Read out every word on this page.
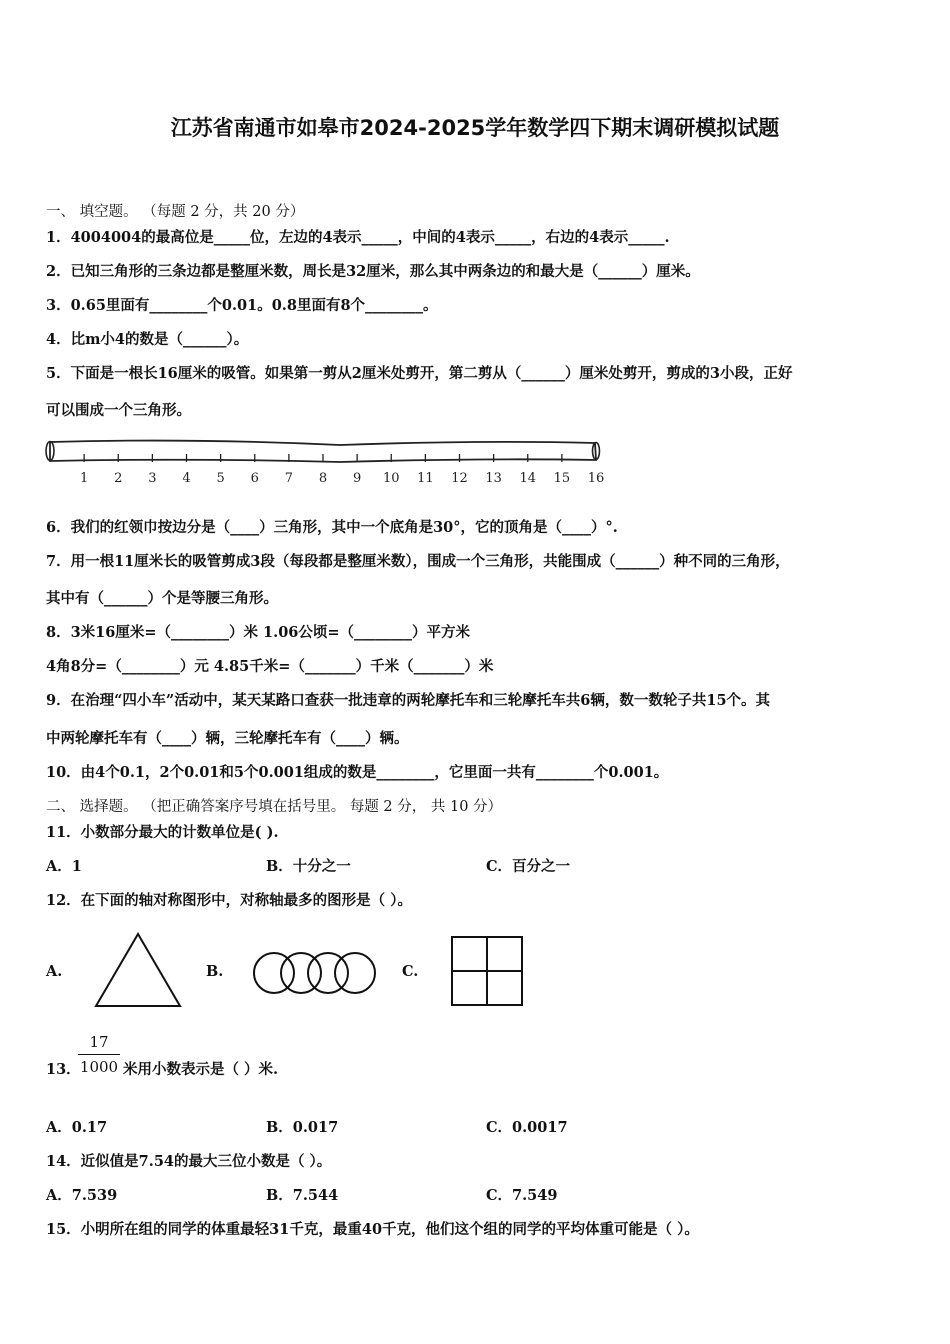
江苏省南通市如皋市2024-2025学年数学四下期末调研模拟试题
一、 填空题。 （每题 2 分，共 20 分）
1．4004004的最高位是_____位，左边的4表示_____，中间的4表示_____，右边的4表示_____.
2．已知三角形的三条边都是整厘米数，周长是32厘米，那么其中两条边的和最大是（______）厘米。
3．0.65里面有________个0.01。0.8里面有8个________。
4．比m小4的数是（______）。
5．下面是一根长16厘米的吸管。如果第一剪从2厘米处剪开，第二剪从（______）厘米处剪开，剪成的3小段，正好
可以围成一个三角形。
1 2 3 4 5 6 7 8 9 10 11 12 13 14 15 16
6．我们的红领巾按边分是（____）三角形，其中一个底角是30°，它的顶角是（____）°.
7．用一根11厘米长的吸管剪成3段（每段都是整厘米数），围成一个三角形，共能围成（______）种不同的三角形，
其中有（______）个是等腰三角形。
8．3米16厘米=（________）米 1.06公顷=（________）平方米
4角8分=（________）元 4.85千米=（_______）千米（_______）米
9．在治理“四小车”活动中，某天某路口查获一批违章的两轮摩托车和三轮摩托车共6辆，数一数轮子共15个。其
中两轮摩托车有（____）辆，三轮摩托车有（____）辆。
10．由4个0.1，2个0.01和5个0.001组成的数是________，它里面一共有________个0.001。
二、 选择题。 （把正确答案序号填在括号里。 每题 2 分， 共 10 分）
11．小数部分最大的计数单位是( ).
A．1	B．十分之一	C．百分之一
12．在下面的轴对称图形中，对称轴最多的图形是（ ）。
A.	B.	C.
17
1000
13．	米用小数表示是（ ）米.
A．0.17	B．0.017	C．0.0017
14．近似值是7.54的最大三位小数是（ ）。
A．7.539	B．7.544	C．7.549
15．小明所在组的同学的体重最轻31千克，最重40千克，他们这个组的同学的平均体重可能是（ ）。
